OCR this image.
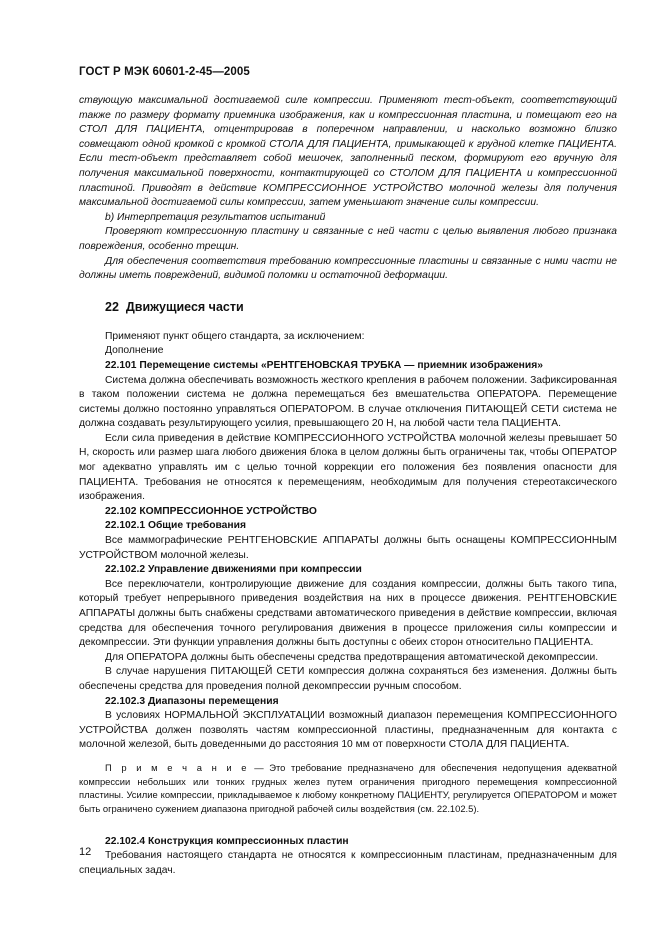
ГОСТ Р МЭК 60601-2-45—2005

ствующую максимальной достигаемой силе компрессии. Применяют тест-объект, соответствующий также по размеру формату приемника изображения, как и компрессионная пластина, и помещают его на СТОЛ ДЛЯ ПАЦИЕНТА, отцентрировав в поперечном направлении, и насколько возможно близко совмещают одной кромкой с кромкой СТОЛА ДЛЯ ПАЦИЕНТА, примыкающей к грудной клетке ПАЦИЕНТА. Если тест-объект представляет собой мешочек, заполненный песком, формируют его вручную для получения максимальной поверхности, контактирующей со СТОЛОМ ДЛЯ ПАЦИЕНТА и компрессионной пластиной. Приводят в действие КОМПРЕССИОННОЕ УСТРОЙСТВО молочной железы для получения максимальной достигаемой силы компрессии, затем уменьшают значение силы компрессии.

b) Интерпретация результатов испытаний

Проверяют компрессионную пластину и связанные с ней части с целью выявления любого признака повреждения, особенно трещин.

Для обеспечения соответствия требованию компрессионные пластины и связанные с ними части не должны иметь повреждений, видимой поломки и остаточной деформации.

22 Движущиеся части

Применяют пункт общего стандарта, за исключением:

Дополнение

22.101 Перемещение системы «РЕНТГЕНОВСКАЯ ТРУБКА — приемник изображения»

Система должна обеспечивать возможность жесткого крепления в рабочем положении. Зафиксированная в таком положении система не должна перемещаться без вмешательства ОПЕРАТОРА. Перемещение системы должно постоянно управляться ОПЕРАТОРОМ. В случае отключения ПИТАЮЩЕЙ СЕТИ система не должна создавать результирующего усилия, превышающего 20 Н, на любой части тела ПАЦИЕНТА.

Если сила приведения в действие КОМПРЕССИОННОГО УСТРОЙСТВА молочной железы превышает 50 Н, скорость или размер шага любого движения блока в целом должны быть ограничены так, чтобы ОПЕРАТОР мог адекватно управлять им с целью точной коррекции его положения без появления опасности для ПАЦИЕНТА. Требования не относятся к перемещениям, необходимым для получения стереотаксического изображения.

22.102 КОМПРЕССИОННОЕ УСТРОЙСТВО

22.102.1 Общие требования

Все маммографические РЕНТГЕНОВСКИЕ АППАРАТЫ должны быть оснащены КОМПРЕССИОННЫМ УСТРОЙСТВОМ молочной железы.

22.102.2 Управление движениями при компрессии

Все переключатели, контролирующие движение для создания компрессии, должны быть такого типа, который требует непрерывного приведения воздействия на них в процессе движения. РЕНТГЕНОВСКИЕ АППАРАТЫ должны быть снабжены средствами автоматического приведения в действие компрессии, включая средства для обеспечения точного регулирования движения в процессе приложения силы компрессии и декомпрессии. Эти функции управления должны быть доступны с обеих сторон относительно ПАЦИЕНТА.

Для ОПЕРАТОРА должны быть обеспечены средства предотвращения автоматической декомпрессии.

В случае нарушения ПИТАЮЩЕЙ СЕТИ компрессия должна сохраняться без изменения. Должны быть обеспечены средства для проведения полной декомпрессии ручным способом.

22.102.3 Диапазоны перемещения

В условиях НОРМАЛЬНОЙ ЭКСПЛУАТАЦИИ возможный диапазон перемещения КОМПРЕССИОННОГО УСТРОЙСТВА должен позволять частям компрессионной пластины, предназначенным для контакта с молочной железой, быть доведенными до расстояния 10 мм от поверхности СТОЛА ДЛЯ ПАЦИЕНТА.

П р и м е ч а н и е — Это требование предназначено для обеспечения недопущения адекватной компрессии небольших или тонких грудных желез путем ограничения пригодного перемещения компрессионной пластины. Усилие компрессии, прикладываемое к любому конкретному ПАЦИЕНТУ, регулируется ОПЕРАТОРОМ и может быть ограничено сужением диапазона пригодной рабочей силы воздействия (см. 22.102.5).

22.102.4 Конструкция компрессионных пластин

Требования настоящего стандарта не относятся к компрессионным пластинам, предназначенным для специальных задач.

12
